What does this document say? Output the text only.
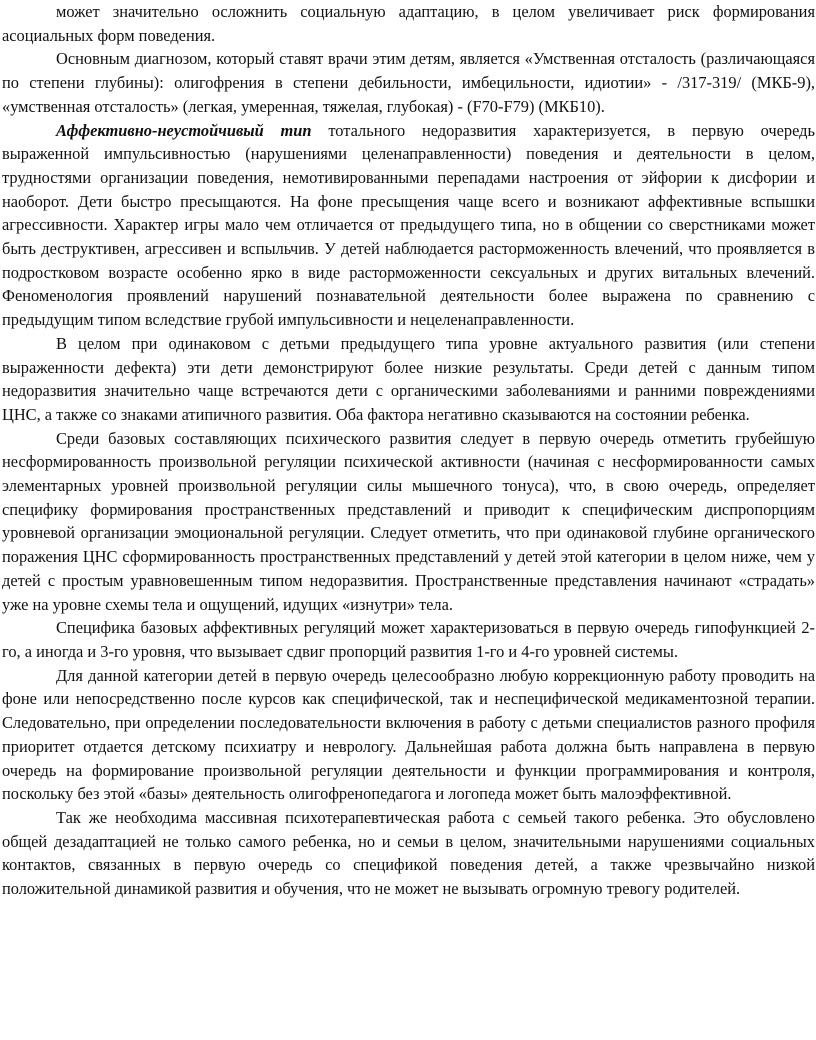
может значительно осложнить социальную адаптацию, в целом увеличивает риск формирования асоциальных форм поведения.

Основным диагнозом, который ставят врачи этим детям, является «Умственная отсталость (различающаяся по степени глубины): олигофрения в степени дебильности, имбецильности, идиотии» - /317-319/ (МКБ-9), «умственная отсталость» (легкая, умеренная, тяжелая, глубокая) - (F70-F79) (МКБ10).

Аффективно-неустойчивый тип тотального недоразвития характеризуется, в первую очередь выраженной импульсивностью (нарушениями целенаправленности) поведения и деятельности в целом, трудностями организации поведения, немотивированными перепадами настроения от эйфории к дисфории и наоборот. Дети быстро пресыщаются. На фоне пресыщения чаще всего и возникают аффективные вспышки агрессивности. Характер игры мало чем отличается от предыдущего типа, но в общении со сверстниками может быть деструктивен, агрессивен и вспыльчив. У детей наблюдается расторможенность влечений, что проявляется в подростковом возрасте особенно ярко в виде расторможенности сексуальных и других витальных влечений. Феноменология проявлений нарушений познавательной деятельности более выражена по сравнению с предыдущим типом вследствие грубой импульсивности и нецеленаправленности.

В целом при одинаковом с детьми предыдущего типа уровне актуального развития (или степени выраженности дефекта) эти дети демонстрируют более низкие результаты. Среди детей с данным типом недоразвития значительно чаще встречаются дети с органическими заболеваниями и ранними повреждениями ЦНС, а также со знаками атипичного развития. Оба фактора негативно сказываются на состоянии ребенка.

Среди базовых составляющих психического развития следует в первую очередь отметить грубейшую несформированность произвольной регуляции психической активности (начиная с несформированности самых элементарных уровней произвольной регуляции силы мышечного тонуса), что, в свою очередь, определяет специфику формирования пространственных представлений и приводит к специфическим диспропорциям уровневой организации эмоциональной регуляции. Следует отметить, что при одинаковой глубине органического поражения ЦНС сформированность пространственных представлений у детей этой категории в целом ниже, чем у детей с простым уравновешенным типом недоразвития. Пространственные представления начинают «страдать» уже на уровне схемы тела и ощущений, идущих «изнутри» тела.

Специфика базовых аффективных регуляций может характеризоваться в первую очередь гипофункцией 2-го, а иногда и 3-го уровня, что вызывает сдвиг пропорций развития 1-го и 4-го уровней системы.

Для данной категории детей в первую очередь целесообразно любую коррекционную работу проводить на фоне или непосредственно после курсов как специфической, так и неспецифической медикаментозной терапии. Следовательно, при определении последовательности включения в работу с детьми специалистов разного профиля приоритет отдается детскому психиатру и неврологу. Дальнейшая работа должна быть направлена в первую очередь на формирование произвольной регуляции деятельности и функции программирования и контроля, поскольку без этой «базы» деятельность олигофренопедагога и логопеда может быть малоэффективной.

Так же необходима массивная психотерапевтическая работа с семьей такого ребенка. Это обусловлено общей дезадаптацией не только самого ребенка, но и семьи в целом, значительными нарушениями социальных контактов, связанных в первую очередь со спецификой поведения детей, а также чрезвычайно низкой положительной динамикой развития и обучения, что не может не вызывать огромную тревогу родителей.
